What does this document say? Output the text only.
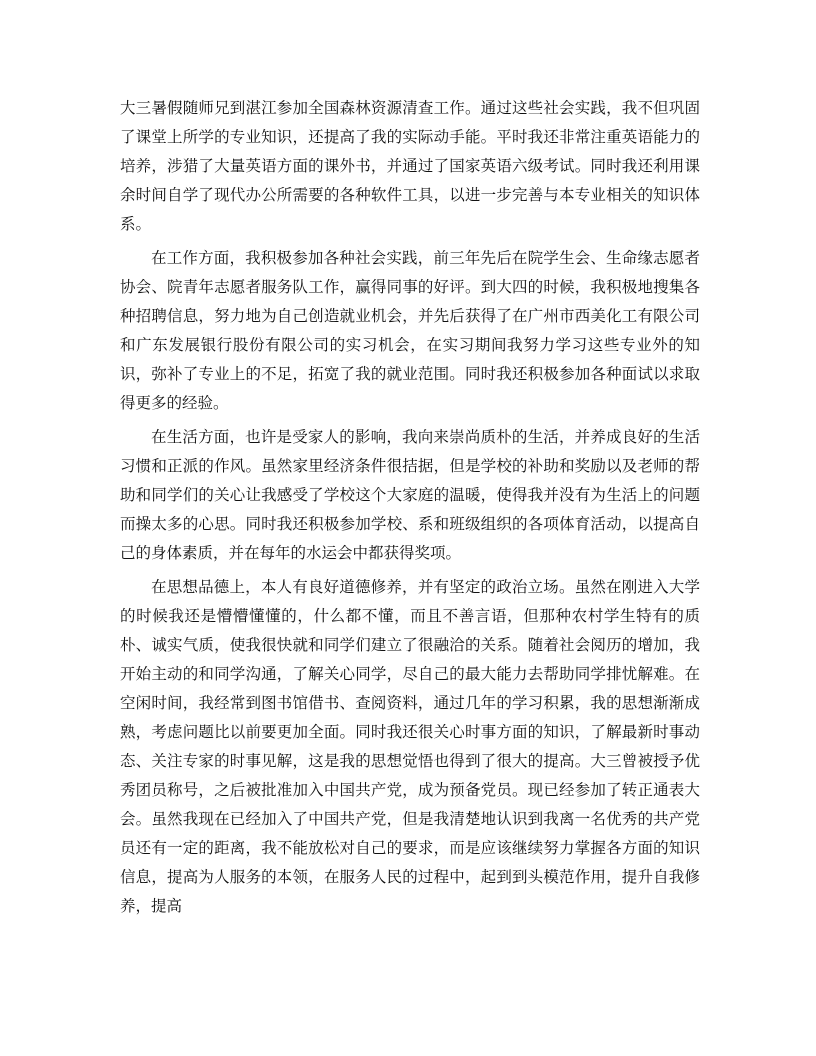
大三暑假随师兄到湛江参加全国森林资源清查工作。通过这些社会实践，我不但巩固了课堂上所学的专业知识，还提高了我的实际动手能。平时我还非常注重英语能力的培养，涉猎了大量英语方面的课外书，并通过了国家英语六级考试。同时我还利用课余时间自学了现代办公所需要的各种软件工具，以进一步完善与本专业相关的知识体系。

在工作方面，我积极参加各种社会实践，前三年先后在院学生会、生命缘志愿者协会、院青年志愿者服务队工作，赢得同事的好评。到大四的时候，我积极地搜集各种招聘信息，努力地为自己创造就业机会，并先后获得了在广州市西美化工有限公司和广东发展银行股份有限公司的实习机会，在实习期间我努力学习这些专业外的知识，弥补了专业上的不足，拓宽了我的就业范围。同时我还积极参加各种面试以求取得更多的经验。

在生活方面，也许是受家人的影响，我向来崇尚质朴的生活，并养成良好的生活习惯和正派的作风。虽然家里经济条件很拮据，但是学校的补助和奖励以及老师的帮助和同学们的关心让我感受了学校这个大家庭的温暖，使得我并没有为生活上的问题而操太多的心思。同时我还积极参加学校、系和班级组织的各项体育活动，以提高自己的身体素质，并在每年的水运会中都获得奖项。

在思想品德上，本人有良好道德修养，并有坚定的政治立场。虽然在刚进入大学的时候我还是懵懵懂懂的，什么都不懂，而且不善言语，但那种农村学生特有的质朴、诚实气质，使我很快就和同学们建立了很融洽的关系。随着社会阅历的增加，我开始主动的和同学沟通，了解关心同学，尽自己的最大能力去帮助同学排忧解难。在空闲时间，我经常到图书馆借书、查阅资料，通过几年的学习积累，我的思想渐渐成熟，考虑问题比以前要更加全面。同时我还很关心时事方面的知识，了解最新时事动态、关注专家的时事见解，这是我的思想觉悟也得到了很大的提高。大三曾被授予优秀团员称号，之后被批准加入中国共产党，成为预备党员。现已经参加了转正通表大会。虽然我现在已经加入了中国共产党，但是我清楚地认识到我离一名优秀的共产党员还有一定的距离，我不能放松对自己的要求，而是应该继续努力掌握各方面的知识信息，提高为人服务的本领，在服务人民的过程中，起到到头模范作用，提升自我修养，提高
